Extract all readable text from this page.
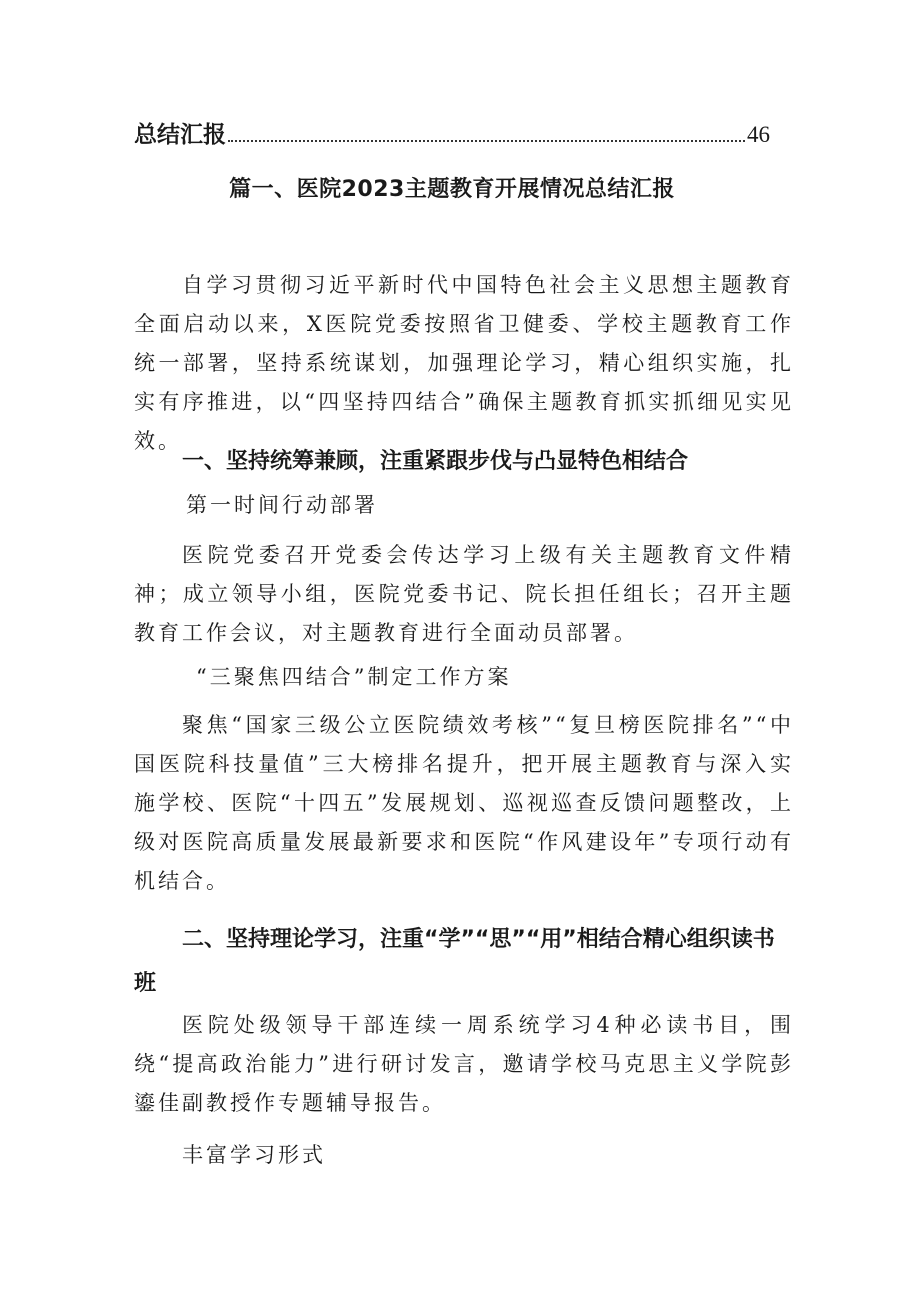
总结汇报	46
篇一、医院2023主题教育开展情况总结汇报

自学习贯彻习近平新时代中国特色社会主义思想主题教育全面启动以来，X医院党委按照省卫健委、学校主题教育工作统一部署，坚持系统谋划，加强理论学习，精心组织实施，扎实有序推进，以“四坚持四结合”确保主题教育抓实抓细见实见效。

一、坚持统筹兼顾，注重紧跟步伐与凸显特色相结合

第一时间行动部署

医院党委召开党委会传达学习上级有关主题教育文件精神；成立领导小组，医院党委书记、院长担任组长；召开主题教育工作会议，对主题教育进行全面动员部署。

“三聚焦四结合”制定工作方案

聚焦“国家三级公立医院绩效考核”“复旦榜医院排名”“中国医院科技量值”三大榜排名提升，把开展主题教育与深入实施学校、医院“十四五”发展规划、巡视巡查反馈问题整改，上级对医院高质量发展最新要求和医院“作风建设年”专项行动有机结合。

二、坚持理论学习，注重“学”“思”“用”相结合精心组织读书班

医院处级领导干部连续一周系统学习4种必读书目，围绕“提高政治能力”进行研讨发言，邀请学校马克思主义学院彭鎏佳副教授作专题辅导报告。

丰富学习形式
